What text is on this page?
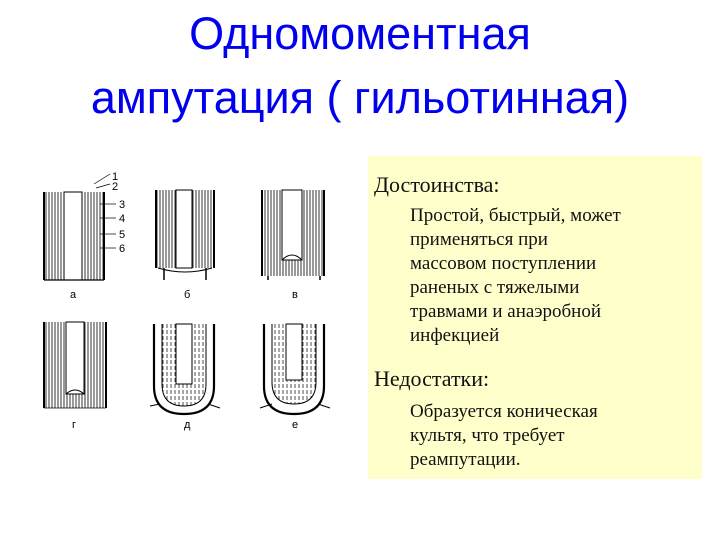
Одномоментная
ампутация ( гильотинная)
1
2
3
4
5
6
а	б	в
г	д	е
Достоинства:
Простой, быстрый, может
применяться при
массовом поступлении
раненых с тяжелыми
травмами и анаэробной
инфекцией
Недостатки:
Образуется коническая
культя, что требует
реампутации.
